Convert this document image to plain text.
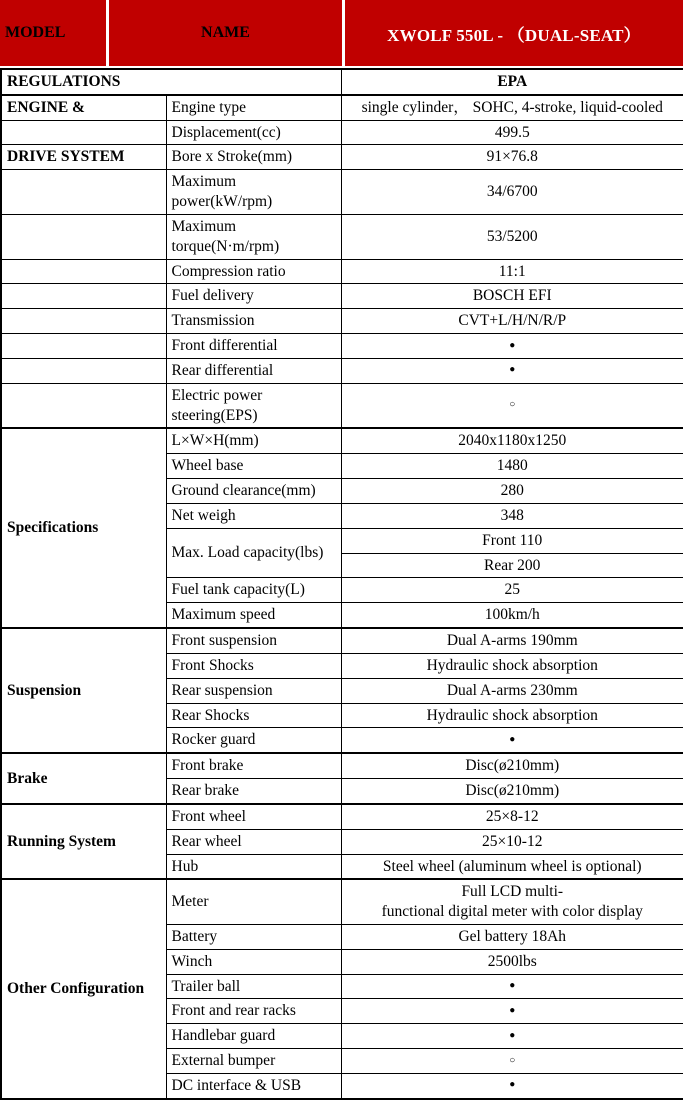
MODEL	NAME	XWOLF 550L - （DUAL-SEAT）
REGULATIONS		EPA
ENGINE &	Engine type	single cylinder， SOHC, 4-stroke, liquid-cooled
	Displacement(cc)	499.5
DRIVE SYSTEM	Bore x Stroke(mm)	91×76.8
	Maximum power(kW/rpm)	34/6700
	Maximum torque(N·m/rpm)	53/5200
	Compression ratio	11:1
	Fuel delivery	BOSCH EFI
	Transmission	CVT+L/H/N/R/P
	Front differential	●
	Rear differential	●
	Electric power steering(EPS)	○
Specifications	L×W×H(mm)	2040x1180x1250
	Wheel base	1480
	Ground clearance(mm)	280
	Net weigh	348
	Max. Load capacity(lbs)	Front 110
		Rear 200
	Fuel tank capacity(L)	25
	Maximum speed	100km/h
Suspension	Front suspension	Dual A-arms 190mm
	Front Shocks	Hydraulic shock absorption
	Rear suspension	Dual A-arms 230mm
	Rear Shocks	Hydraulic shock absorption
	Rocker guard	●
Brake	Front brake	Disc(ø210mm)
	Rear brake	Disc(ø210mm)
Running System	Front wheel	25×8-12
	Rear wheel	25×10-12
	Hub	Steel wheel (aluminum wheel is optional)
Other Configuration	Meter	Full LCD multi-
functional digital meter with color display

	Battery	Gel battery 18Ah
	Winch	2500lbs
	Trailer ball	●
	Front and rear racks	●
	Handlebar guard	●
	External bumper	○
	DC interface & USB	●
